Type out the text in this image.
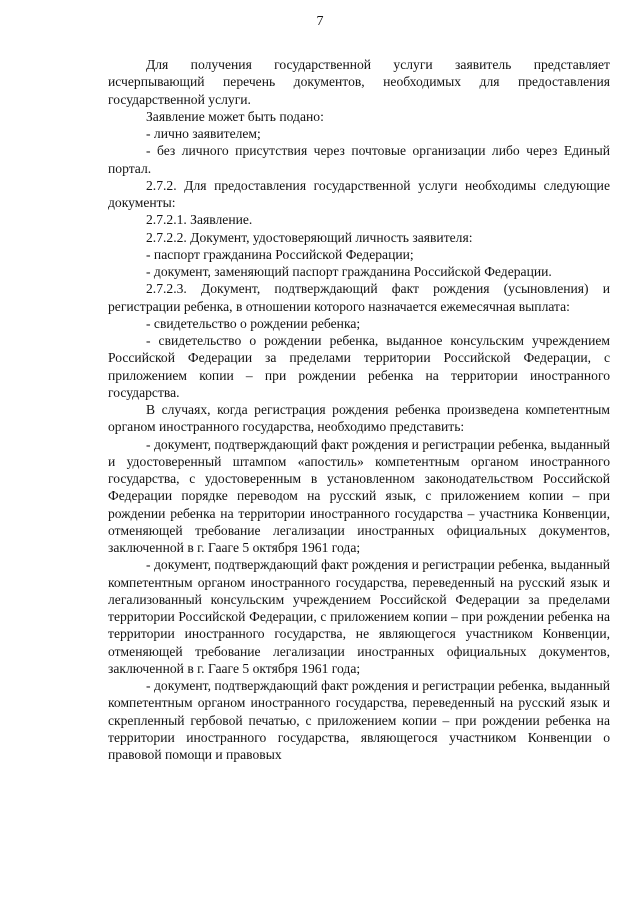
7

Для получения государственной услуги заявитель представляет исчерпывающий перечень документов, необходимых для предоставления государственной услуги.

Заявление может быть подано:

- лично заявителем;

- без личного присутствия через почтовые организации либо через Единый портал.

2.7.2. Для предоставления государственной услуги необходимы следующие документы:

2.7.2.1. Заявление.

2.7.2.2. Документ, удостоверяющий личность заявителя:

- паспорт гражданина Российской Федерации;

- документ, заменяющий паспорт гражданина Российской Федерации.

2.7.2.3. Документ, подтверждающий факт рождения (усыновления) и регистрации ребенка, в отношении которого назначается ежемесячная выплата:

- свидетельство о рождении ребенка;

- свидетельство о рождении ребенка, выданное консульским учреждением Российской Федерации за пределами территории Российской Федерации, с приложением копии – при рождении ребенка на территории иностранного государства.

В случаях, когда регистрация рождения ребенка произведена компетентным органом иностранного государства, необходимо представить:

- документ, подтверждающий факт рождения и регистрации ребенка, выданный и удостоверенный штампом «апостиль» компетентным органом иностранного государства, с удостоверенным в установленном законодательством Российской Федерации порядке переводом на русский язык, с приложением копии – при рождении ребенка на территории иностранного государства – участника Конвенции, отменяющей требование легализации иностранных официальных документов, заключенной в г. Гааге 5 октября 1961 года;

- документ, подтверждающий факт рождения и регистрации ребенка, выданный компетентным органом иностранного государства, переведенный на русский язык и легализованный консульским учреждением Российской Федерации за пределами территории Российской Федерации, с приложением копии – при рождении ребенка на территории иностранного государства, не являющегося участником Конвенции, отменяющей требование легализации иностранных официальных документов, заключенной в г. Гааге 5 октября 1961 года;

- документ, подтверждающий факт рождения и регистрации ребенка, выданный компетентным органом иностранного государства, переведенный на русский язык и скрепленный гербовой печатью, с приложением копии – при рождении ребенка на территории иностранного государства, являющегося участником Конвенции о правовой помощи и правовых
